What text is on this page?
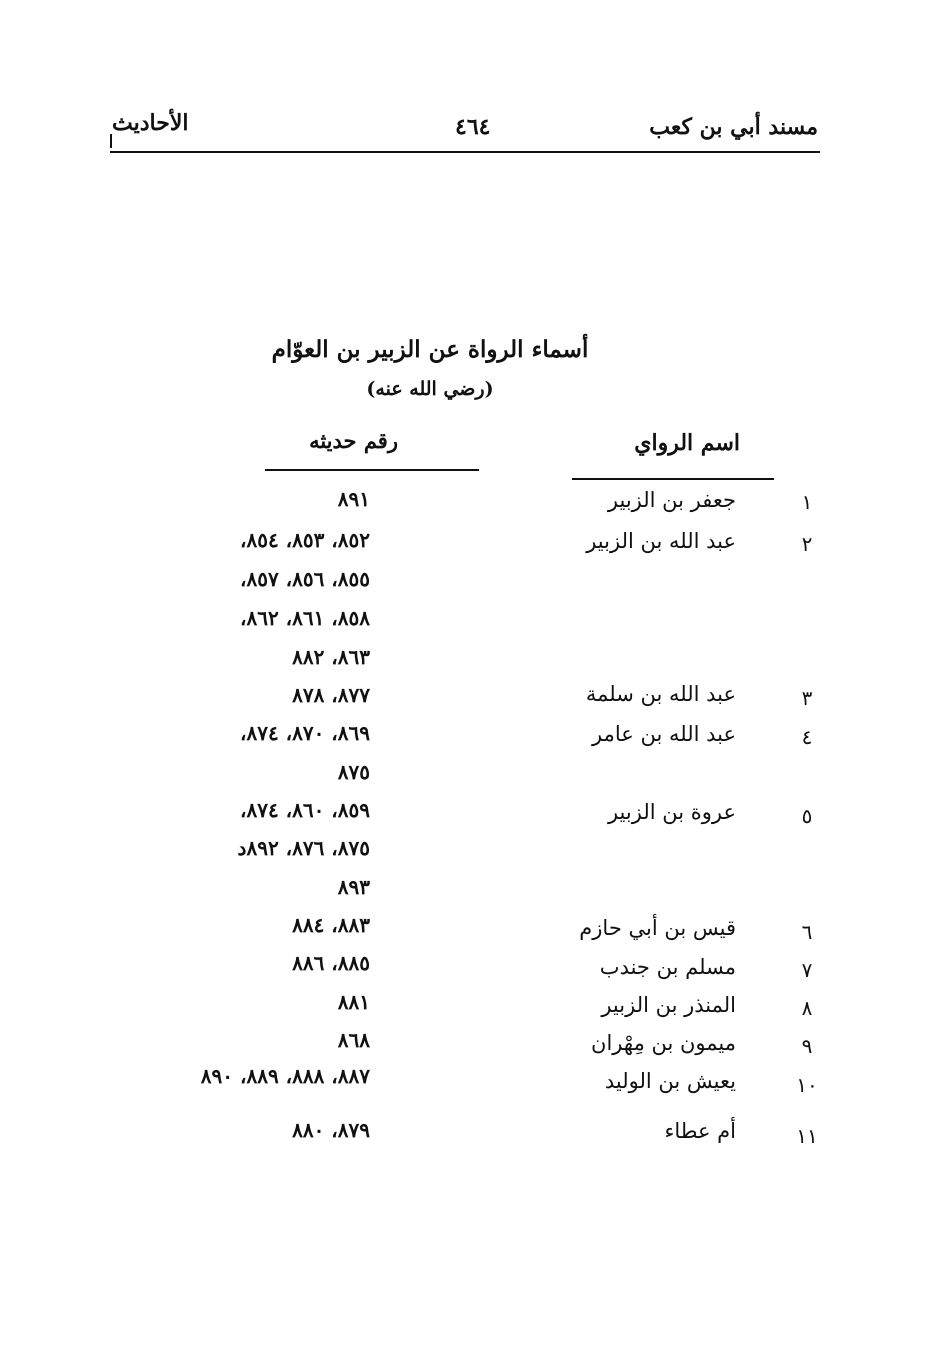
مسند أبي بن كعب
٤٦٤
الأحاديث
أسماء الرواة عن الزبير بن العوّام
(رضي الله عنه)
اسم الرواي
رقم حديثه
١
جعفر بن الزبير
٢
عبد الله بن الزبير
٣
عبد الله بن سلمة
٤
عبد الله بن عامر
٥
عروة بن الزبير
٦
قيس بن أبي حازم
٧
مسلم بن جندب
٨
المنذر بن الزبير
٩
ميمون بن مِهْران
١٠
يعيش بن الوليد
١١
أم عطاء
٨٩١
٨٥٢، ٨٥٣، ٨٥٤،
٨٥٥، ٨٥٦، ٨٥٧،
٨٥٨، ٨٦١، ٨٦٢،
٨٦٣، ٨٨٢
٨٧٧، ٨٧٨
٨٦٩، ٨٧٠، ٨٧٤،
٨٧٥
٨٥٩، ٨٦٠، ٨٧٤،
٨٧٥، ٨٧٦، ٨٩٢د
٨٩٣
٨٨٣، ٨٨٤
٨٨٥، ٨٨٦
٨٨١
٨٦٨
٨٨٧، ٨٨٨، ٨٨٩، ٨٩٠
٨٧٩، ٨٨٠
